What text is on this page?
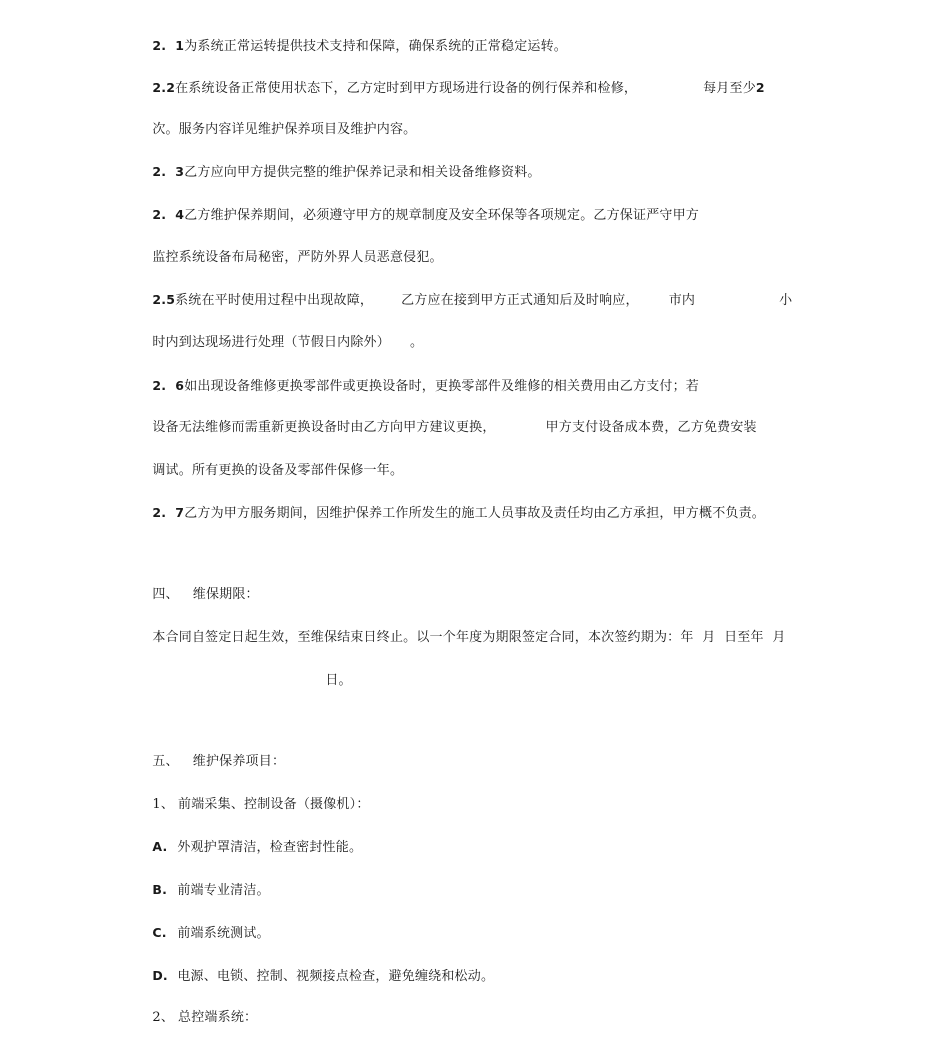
2.  1为系统正常运转提供技术支持和保障，确保系统的正常稳定运转。

2.2在系统设备正常使用状态下，乙方定时到甲方现场进行设备的例行保养和检修，	每月至少2

次。服务内容详见维护保养项目及维护内容。

2.  3乙方应向甲方提供完整的维护保养记录和相关设备维修资料。

2.  4乙方维护保养期间，必须遵守甲方的规章制度及安全环保等各项规定。乙方保证严守甲方

监控系统设备布局秘密，严防外界人员恶意侵犯。

2.5系统在平时使用过程中出现故障， 乙方应在接到甲方正式通知后及时响应， 市内	小

时内到达现场进行处理（节假日内除外） 。

2.  6如出现设备维修更换零部件或更换设备时，更换零部件及维修的相关费用由乙方支付；若

设备无法维修而需重新更换设备时由乙方向甲方建议更换，	甲方支付设备成本费，乙方免费安装

调试。所有更换的设备及零部件保修一年。

2.  7乙方为甲方服务期间，因维护保养工作所发生的施工人员事故及责任均由乙方承担，甲方概不负责。

四、 维保期限：

本合同自签定日起生效，至维保结束日终止。以一个年度为期限签定合同，本次签约期为：年  月  日至年  月

日。

五、 维护保养项目：

1、 前端采集、控制设备（摄像机）：

A. 外观护罩清洁，检查密封性能。

B. 前端专业清洁。

C. 前端系统测试。

D. 电源、电锁、控制、视频接点检查，避免缠绕和松动。

2、 总控端系统：
